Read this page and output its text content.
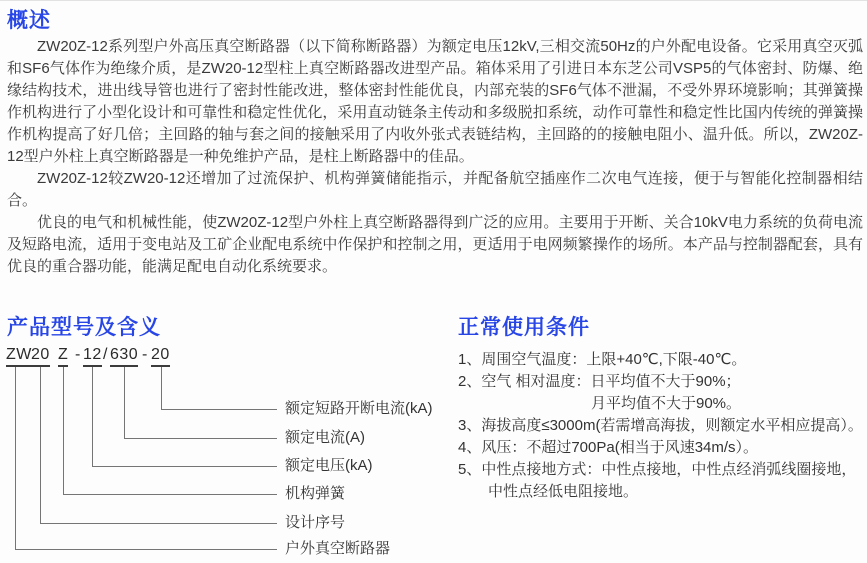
概述

ZW20Z-12系列型户外高压真空断路器（以下简称断路器）为额定电压12kV,三相交流50Hz的户外配电设备。它采用真空灭弧和SF6气体作为绝缘介质，是ZW20-12型柱上真空断路器改进型产品。箱体采用了引进日本东芝公司VSP5的气体密封、防爆、绝缘结构技术，进出线导管也进行了密封性能改进，整体密封性能优良，内部充装的SF6气体不泄漏，不受外界环境影响；其弹簧操作机构进行了小型化设计和可靠性和稳定性优化，采用直动链条主传动和多级脱扣系统，动作可靠性和稳定性比国内传统的弹簧操作机构提高了好几倍；主回路的轴与套之间的接触采用了内收外张式表链结构，主回路的的接触电阻小、温升低。所以，ZW20Z-12型户外柱上真空断路器是一种免维护产品，是柱上断路器中的佳品。

ZW20Z-12较ZW20-12还增加了过流保护、机构弹簧储能指示，并配备航空插座作二次电气连接，便于与智能化控制器相结合。

优良的电气和机械性能，使ZW20Z-12型户外柱上真空断路器得到广泛的应用。主要用于开断、关合10kV电力系统的负荷电流及短路电流，适用于变电站及工矿企业配电系统中作保护和控制之用，更适用于电网频繁操作的场所。本产品与控制器配套，具有优良的重合器功能，能满足配电自动化系统要求。

产品型号及含义
额定短路开断电流(kA)
额定电流(A)
额定电压(kA)
机构弹簧
设计序号
户外真空断路器
正常使用条件
1、周围空气温度：上限+40℃,下限-40℃。
2、空气 相对温度：日平均值不大于90%；
月平均值不大于90%。
3、海拔高度≤3000m(若需增高海拔，则额定水平相应提高）。
4、风压：不超过700Pa(相当于风速34m/s）。
5、中性点接地方式：中性点接地，中性点经消弧线圈接地，
中性点经低电阻接地。
ZW 20 Z - 12 / 630 - 20
